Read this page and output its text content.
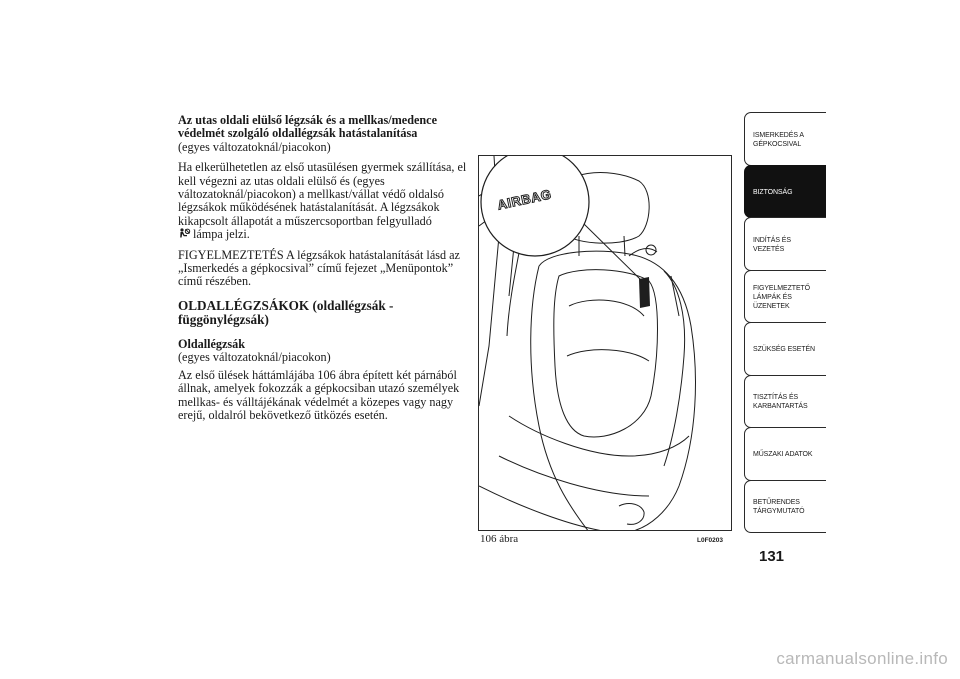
Az utas oldali elülső légzsák és a mellkas/medence
védelmét szolgáló oldallégzsák hatástalanítása
(egyes változatoknál/piacokon)

Ha elkerülhetetlen az első utasülésen gyermek szállítása, el kell végezni az utas oldali elülső és (egyes változatoknál/piacokon) a mellkast/vállat védő oldalsó légzsákok működésének hatástalanítását. A légzsákok kikapcsolt állapotát a műszercsoportban felgyulladó
lámpa jelzi.

FIGYELMEZTETÉS A légzsákok hatástalanítását lásd az „Ismerkedés a gépkocsival” című fejezet „Menüpontok” című részében.

OLDALLÉGZSÁKOK (oldallégzsák - függönylégzsák)

Oldallégzsák
(egyes változatoknál/piacokon)

Az első ülések háttámlájába 106 ábra épített két párnából állnak, amelyek fokozzák a gépkocsiban utazó személyek mellkas- és válltájékának védelmét a közepes vagy nagy erejű, oldalról bekövetkező ütközés esetén.

AIRBAG
106 ábra	L0F0203
ISMERKEDÉS A GÉPKOCSIVAL
BIZTONSÁG
INDÍTÁS ÉS VEZETÉS
FIGYELMEZTETŐ LÁMPÁK ÉS ÜZENETEK
SZÜKSÉG ESETÉN
TISZTÍTÁS ÉS KARBANTARTÁS
MŰSZAKI ADATOK
BETŰRENDES TÁRGYMUTATÓ
131
carmanualsonline.info
